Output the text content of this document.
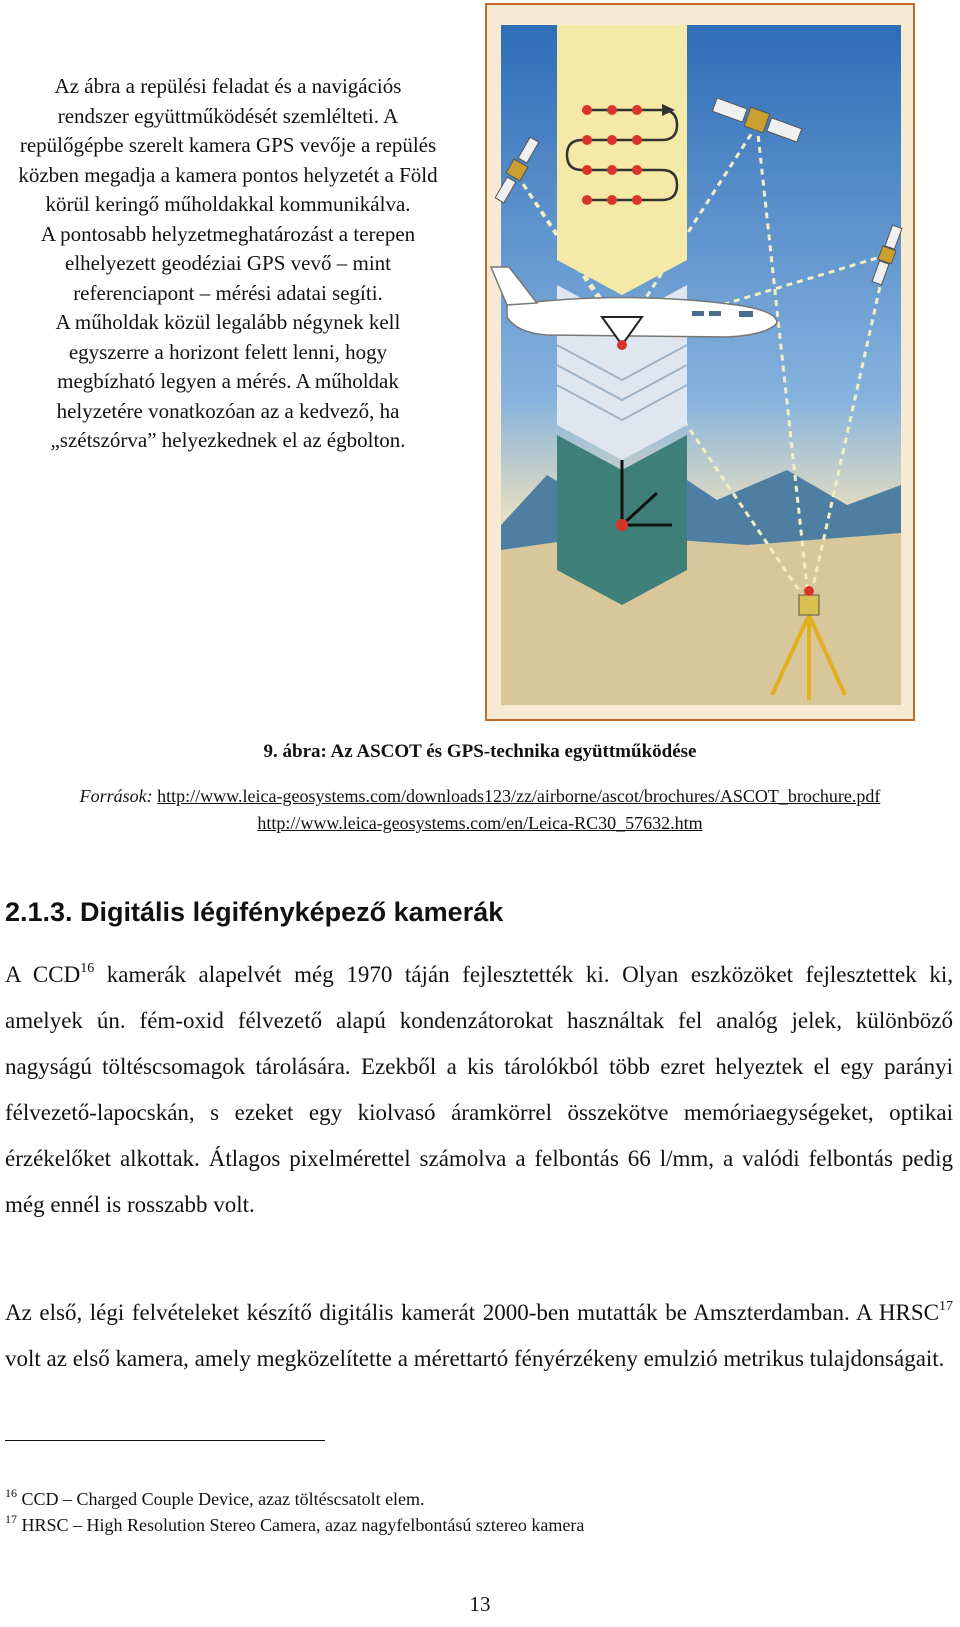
Az ábra a repülési feladat és a navigációs rendszer együttműködését szemlélteti. A repülőgépbe szerelt kamera GPS vevője a repülés közben megadja a kamera pontos helyzetét a Föld körül keringő műholdakkal kommunikálva.

A pontosabb helyzetmeghatározást a terepen elhelyezett geodéziai GPS vevő – mint referenciapont – mérési adatai segíti.

A műholdak közül legalább négynek kell egyszerre a horizont felett lenni, hogy megbízható legyen a mérés. A műholdak helyzetére vonatkozóan az a kedvező, ha „szétszórva” helyezkednek el az égbolton.

9. ábra: Az ASCOT és GPS-technika együttműködése
Források: http://www.leica-geosystems.com/downloads123/zz/airborne/ascot/brochures/ASCOT_brochure.pdf
http://www.leica-geosystems.com/en/Leica-RC30_57632.htm
2.1.3. Digitális légifényképező kamerák

A CCD$^{16}$ kamerák alapelvét még 1970 táján fejlesztették ki. Olyan eszközöket fejlesztettek ki, amelyek ún. fém-oxid félvezető alapú kondenzátorokat használtak fel analóg jelek, különböző nagyságú töltéscsomagok tárolására. Ezekből a kis tárolókból több ezret helyeztek el egy parányi félvezető-lapocskán, s ezeket egy kiolvasó áramkörrel összekötve memóriaegységeket, optikai érzékelőket alkottak. Átlagos pixelmérettel számolva a felbontás 66 l/mm, a valódi felbontás pedig még ennél is rosszabb volt.

Az első, légi felvételeket készítő digitális kamerát 2000-ben mutatták be Amszterdamban. A HRSC$^{17}$ volt az első kamera, amely megközelítette a mérettartó fényérzékeny emulzió metrikus tulajdonságait.

$^{16}$ CCD – Charged Couple Device, azaz töltéscsatolt elem.
$^{17}$ HRSC – High Resolution Stereo Camera, azaz nagyfelbontású sztereo kamera
13
